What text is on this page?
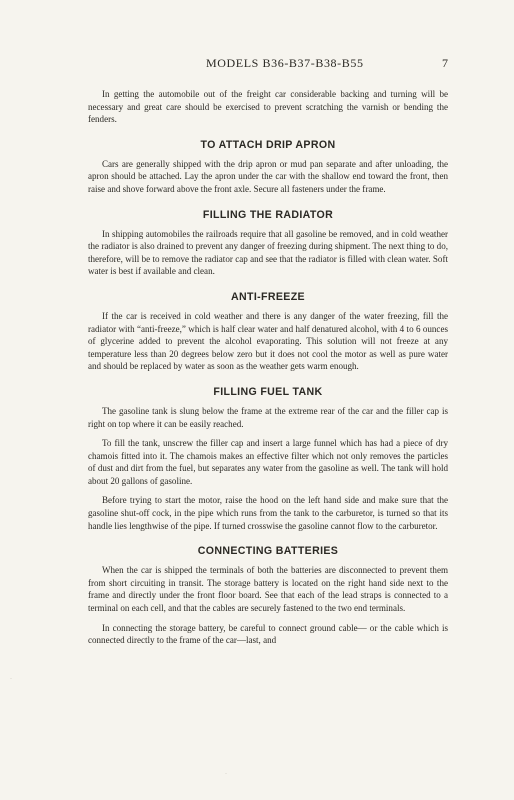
MODELS B36-B37-B38-B55	7

In getting the automobile out of the freight car considerable backing and turning will be necessary and great care should be exercised to prevent scratching the varnish or bending the fenders.

TO ATTACH DRIP APRON

Cars are generally shipped with the drip apron or mud pan separate and after unloading, the apron should be attached. Lay the apron under the car with the shallow end toward the front, then raise and shove forward above the front axle. Secure all fasteners under the frame.

FILLING THE RADIATOR

In shipping automobiles the railroads require that all gasoline be removed, and in cold weather the radiator is also drained to prevent any danger of freezing during shipment. The next thing to do, therefore, will be to remove the radiator cap and see that the radiator is filled with clean water. Soft water is best if available and clean.

ANTI-FREEZE

If the car is received in cold weather and there is any danger of the water freezing, fill the radiator with “anti-freeze,” which is half clear water and half denatured alcohol, with 4 to 6 ounces of glycerine added to prevent the alcohol evaporating. This solution will not freeze at any temperature less than 20 degrees below zero but it does not cool the motor as well as pure water and should be replaced by water as soon as the weather gets warm enough.

FILLING FUEL TANK

The gasoline tank is slung below the frame at the extreme rear of the car and the filler cap is right on top where it can be easily reached.

To fill the tank, unscrew the filler cap and insert a large funnel which has had a piece of dry chamois fitted into it. The chamois makes an effective filter which not only removes the particles of dust and dirt from the fuel, but separates any water from the gasoline as well. The tank will hold about 20 gallons of gasoline.

Before trying to start the motor, raise the hood on the left hand side and make sure that the gasoline shut-off cock, in the pipe which runs from the tank to the carburetor, is turned so that its handle lies lengthwise of the pipe. If turned crosswise the gasoline cannot flow to the carburetor.

CONNECTING BATTERIES

When the car is shipped the terminals of both the batteries are disconnected to prevent them from short circuiting in transit. The storage battery is located on the right hand side next to the frame and directly under the front floor board. See that each of the lead straps is connected to a terminal on each cell, and that the cables are securely fastened to the two end terminals.

In connecting the storage battery, be careful to connect ground cable— or the cable which is connected directly to the frame of the car—last, and

.
.
